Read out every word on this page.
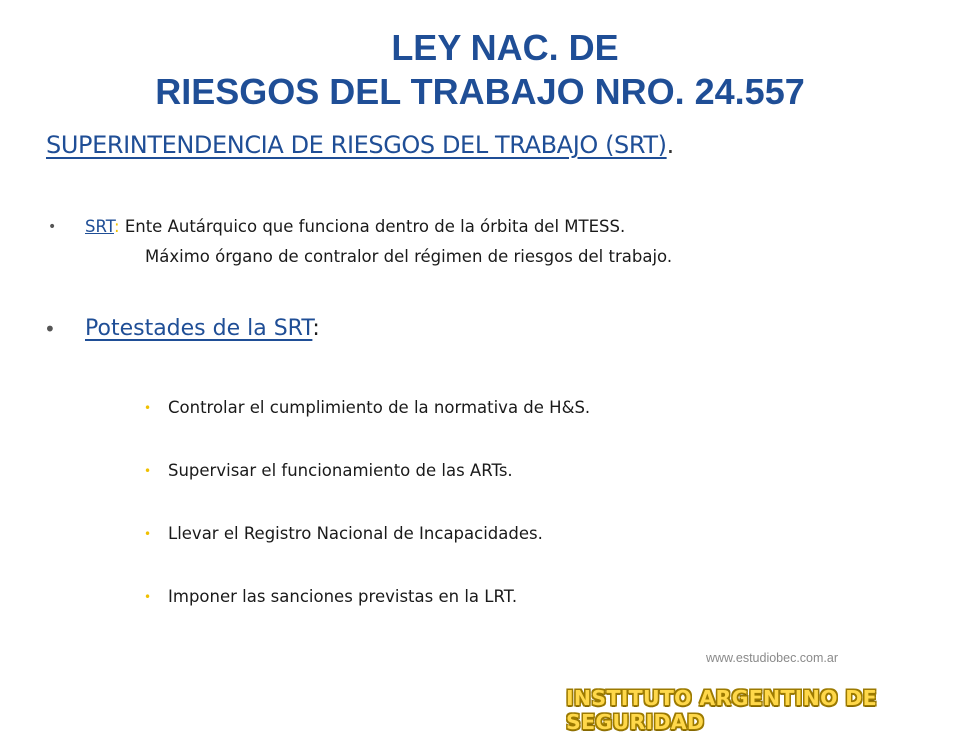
LEY NAC. DE
RIESGOS DEL TRABAJO NRO. 24.557
SUPERINTENDENCIA DE RIESGOS DEL TRABAJO (SRT).
• SRT: Ente Autárquico que funciona dentro de la órbita del MTESS.
Máximo órgano de contralor del régimen de riesgos del trabajo.
• Potestades de la SRT:
• Controlar el cumplimiento de la normativa de H&S.
• Supervisar el funcionamiento de las ARTs.
• Llevar el Registro Nacional de Incapacidades.
• Imponer las sanciones previstas en la LRT.
www.estudiobec.com.ar
INSTITUTO ARGENTINO DE SEGURIDAD
